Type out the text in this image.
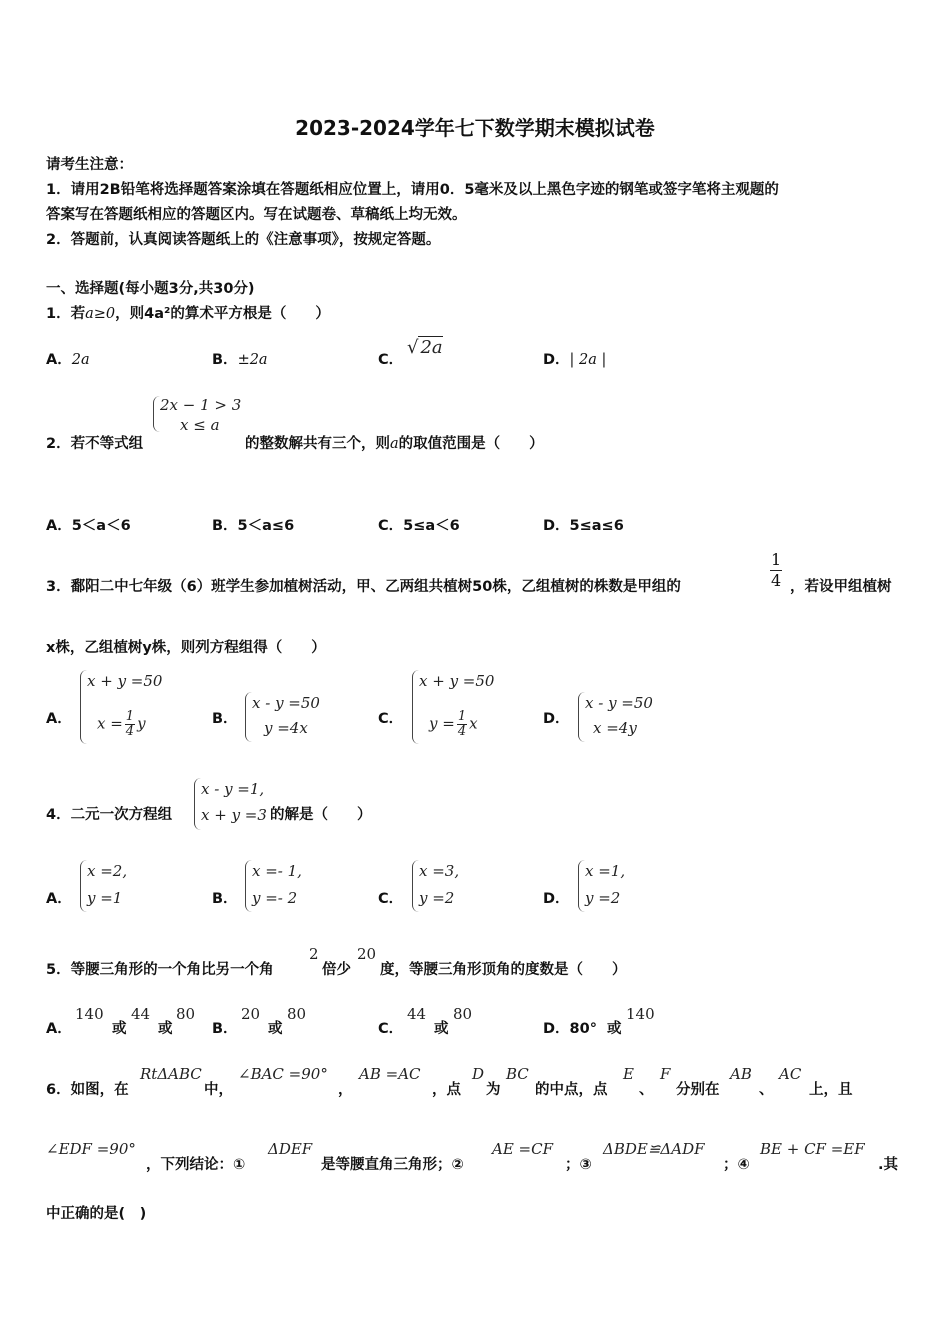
2023-2024学年七下数学期末模拟试卷
请考生注意：
1．请用2B铅笔将选择题答案涂填在答题纸相应位置上，请用0．5毫米及以上黑色字迹的钢笔或签字笔将主观题的
答案写在答题纸相应的答题区内。写在试题卷、草稿纸上均无效。
2．答题前，认真阅读答题纸上的《注意事项》，按规定答题。
一、选择题(每小题3分,共30分)
1．若a≥0，则4a²的算术平方根是（　　）
A．2a	B．±2a	C．
√ 2a
D．| 2a |
2x − 1 > 3
x ≤ a
2．若不等式组	的整数解共有三个，则a的取值范围是（　　）
A．5＜a＜6	B．5＜a≤6	C．5≤a＜6	D．5≤a≤6
3．鄱阳二中七年级（6）班学生参加植树活动，甲、乙两组共植树50株，乙组植树的株数是甲组的	$\frac{1}{4}$ ，若设甲组植树
x株，乙组植树y株，则列方程组得（　　）
A．
x + y =50
$x = \frac{1}{4}$ y	B．
x - y =50
y =4x	C．
x + y =50
$y = \frac{1}{4}$ x	D．
x - y =50
x =4y
4．二元一次方程组
x - y =1,
x + y =3 的解是（　　）
A．
x =2,
y =1	B．
x =- 1,
y =- 2	C．
x =3,
y =2	D．
x =1,
y =2
5．等腰三角形的一个角比另一个角
2
倍少
20
度，等腰三角形顶角的度数是（　　）
A．
140
或
44
或
80
B．
20
或
80
C．
44
或
80
D．80° 或
140
6．如图，在
RtΔABC
中，
∠BAC =90°
，
AB =AC
，点
D
为
BC
的中点，点
E
、
F
分别在
AB
、
AC
上，且
∠EDF =90°
，下列结论：①
ΔDEF
是等腰直角三角形；②
AE =CF
；③
ΔBDE≌ΔADF
；④
BE + CF =EF
.其
中正确的是(　)
